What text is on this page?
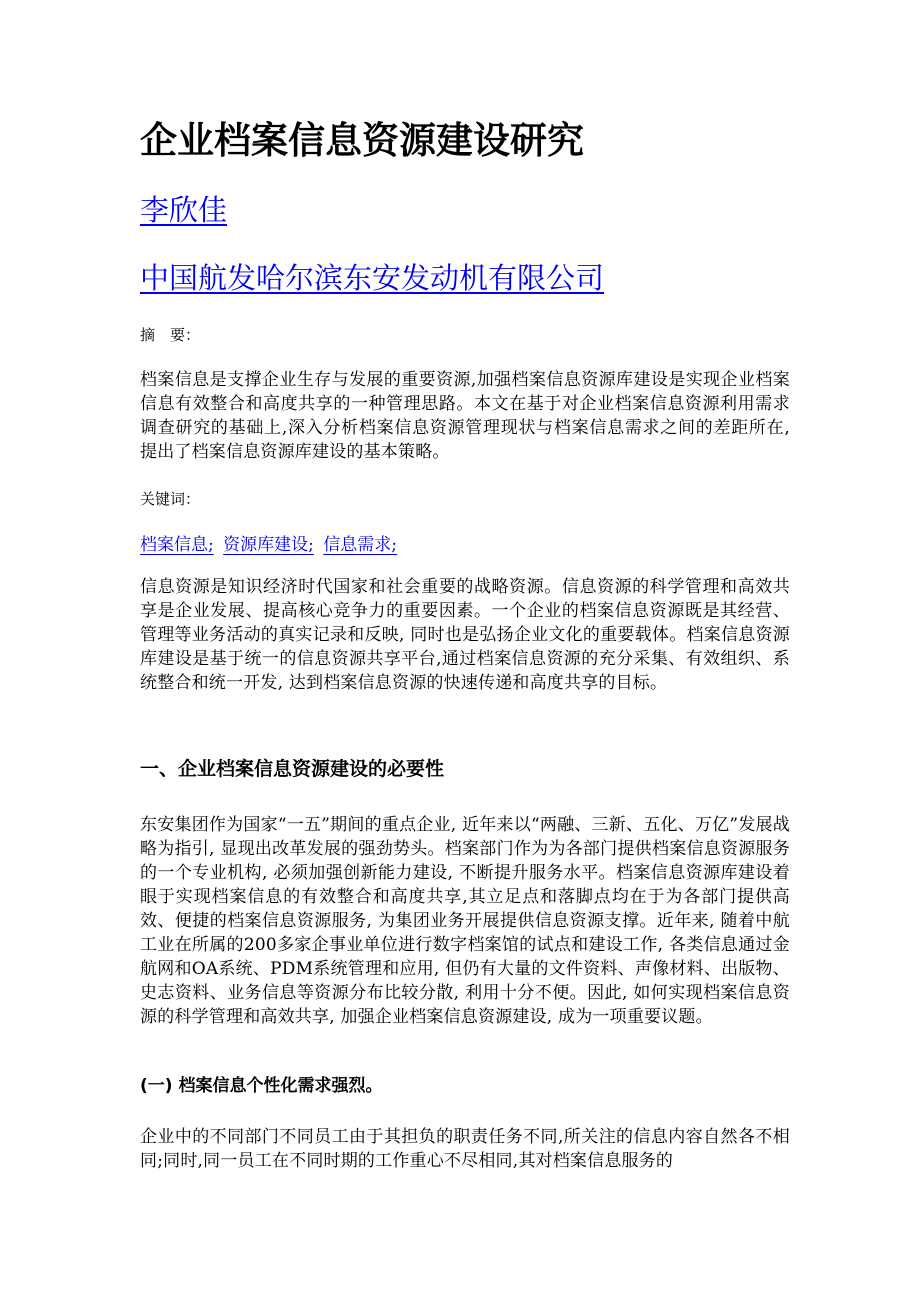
企业档案信息资源建设研究
李欣佳
中国航发哈尔滨东安发动机有限公司
摘　要：
档案信息是支撑企业生存与发展的重要资源,加强档案信息资源库建设是实现企业档案信息有效整合和高度共享的一种管理思路。本文在基于对企业档案信息资源利用需求调查研究的基础上,深入分析档案信息资源管理现状与档案信息需求之间的差距所在, 提出了档案信息资源库建设的基本策略。
关键词：
档案信息; 资源库建设; 信息需求;
信息资源是知识经济时代国家和社会重要的战略资源。信息资源的科学管理和高效共享是企业发展、提高核心竞争力的重要因素。一个企业的档案信息资源既是其经营、管理等业务活动的真实记录和反映, 同时也是弘扬企业文化的重要载体。档案信息资源库建设是基于统一的信息资源共享平台,通过档案信息资源的充分采集、有效组织、系统整合和统一开发, 达到档案信息资源的快速传递和高度共享的目标。
一、企业档案信息资源建设的必要性
东安集团作为国家“一五”期间的重点企业, 近年来以“两融、三新、五化、万亿”发展战略为指引, 显现出改革发展的强劲势头。档案部门作为为各部门提供档案信息资源服务的一个专业机构, 必须加强创新能力建设, 不断提升服务水平。档案信息资源库建设着眼于实现档案信息的有效整合和高度共享,其立足点和落脚点均在于为各部门提供高效、便捷的档案信息资源服务, 为集团业务开展提供信息资源支撑。近年来, 随着中航工业在所属的200多家企事业单位进行数字档案馆的试点和建设工作, 各类信息通过金航网和OA系统、PDM系统管理和应用, 但仍有大量的文件资料、声像材料、出版物、史志资料、业务信息等资源分布比较分散, 利用十分不便。因此, 如何实现档案信息资源的科学管理和高效共享, 加强企业档案信息资源建设, 成为一项重要议题。
(一) 档案信息个性化需求强烈。
企业中的不同部门不同员工由于其担负的职责任务不同,所关注的信息内容自然各不相同;同时,同一员工在不同时期的工作重心不尽相同,其对档案信息服务的
